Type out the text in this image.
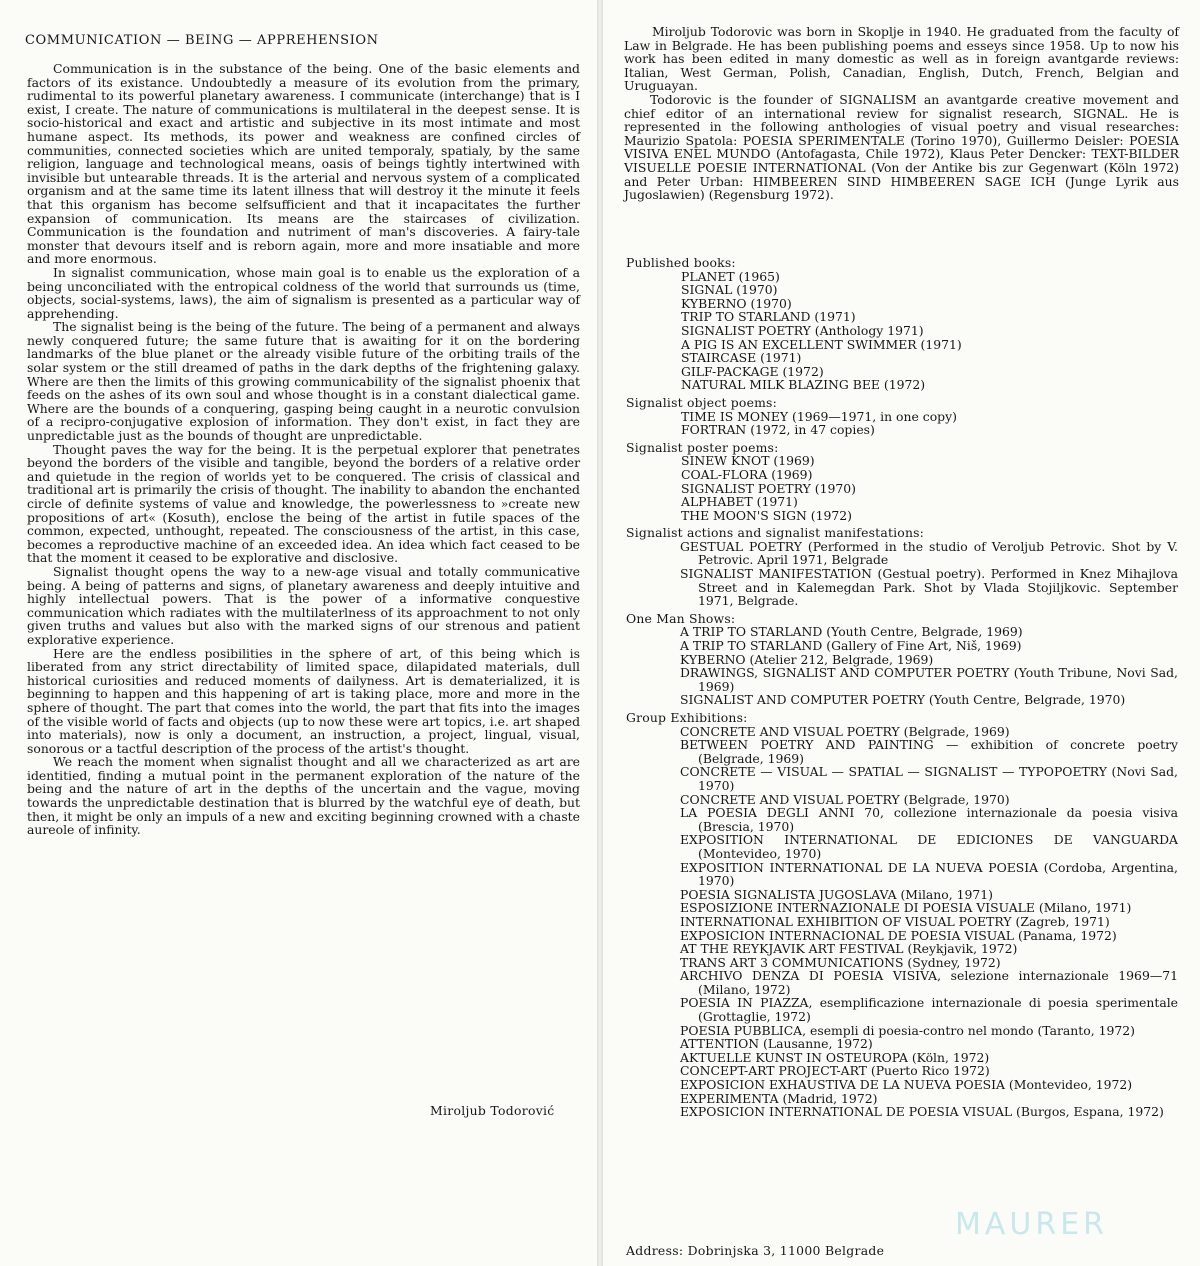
COMMUNICATION — BEING — APPREHENSION

Communication is in the substance of the being. One of the basic elements and factors of its existance. Undoubtedly a measure of its evolution from the primary, rudimental to its powerful planetary awareness. I communicate (interchange) that is I exist, I create. The nature of communications is multilateral in the deepest sense. It is socio-historical and exact and artistic and subjective in its most intimate and most humane aspect. Its methods, its power and weakness are confined circles of communities, connected societies which are united temporaly, spatialy, by the same religion, language and technological means, oasis of beings tightly intertwined with invisible but untearable threads. It is the arterial and nervous system of a complicated organism and at the same time its latent illness that will destroy it the minute it feels that this organism has become selfsufficient and that it incapacitates the further expansion of communication. Its means are the staircases of civilization. Communication is the foundation and nutriment of man's discoveries. A fairy-tale monster that devours itself and is reborn again, more and more insatiable and more and more enormous.

In signalist communication, whose main goal is to enable us the exploration of a being unconciliated with the entropical coldness of the world that surrounds us (time, objects, social-systems, laws), the aim of signalism is presented as a particular way of apprehending.

The signalist being is the being of the future. The being of a permanent and always newly conquered future; the same future that is awaiting for it on the bordering landmarks of the blue planet or the already visible future of the orbiting trails of the solar system or the still dreamed of paths in the dark depths of the frightening galaxy. Where are then the limits of this growing communicability of the signalist phoenix that feeds on the ashes of its own soul and whose thought is in a constant dialectical game. Where are the bounds of a conquering, gasping being caught in a neurotic convulsion of a recipro-conjugative explosion of information. They don't exist, in fact they are unpredictable just as the bounds of thought are unpredictable.

Thought paves the way for the being. It is the perpetual explorer that penetrates beyond the borders of the visible and tangible, beyond the borders of a relative order and quietude in the region of worlds yet to be conquered. The crisis of classical and traditional art is primarily the crisis of thought. The inability to abandon the enchanted circle of definite systems of value and knowledge, the powerlessness to »create new propositions of art« (Kosuth), enclose the being of the artist in futile spaces of the common, expected, unthought, repeated. The consciousness of the artist, in this case, becomes a reproductive machine of an exceeded idea. An idea which fact ceased to be that the moment it ceased to be explorative and disclosive.

Signalist thought opens the way to a new-age visual and totally communicative being. A being of patterns and signs, of planetary awareness and deeply intuitive and highly intellectual powers. That is the power of a informative conquestive communication which radiates with the multilaterlness of its approachment to not only given truths and values but also with the marked signs of our strenous and patient explorative experience.

Here are the endless posibilities in the sphere of art, of this being which is liberated from any strict directability of limited space, dilapidated materials, dull historical curiosities and reduced moments of dailyness. Art is dematerialized, it is beginning to happen and this happening of art is taking place, more and more in the sphere of thought. The part that comes into the world, the part that fits into the images of the visible world of facts and objects (up to now these were art topics, i.e. art shaped into materials), now is only a document, an instruction, a project, lingual, visual, sonorous or a tactful description of the process of the artist's thought.

We reach the moment when signalist thought and all we characterized as art are identitied, finding a mutual point in the permanent exploration of the nature of the being and the nature of art in the depths of the uncertain and the vague, moving towards the unpredictable destination that is blurred by the watchful eye of death, but then, it might be only an impuls of a new and exciting beginning crowned with a chaste aureole of infinity.

Miroljub Todorović

Miroljub Todorovic was born in Skoplje in 1940. He graduated from the faculty of Law in Belgrade. He has been publishing poems and esseys since 1958. Up to now his work has been edited in many domestic as well as in foreign avantgarde reviews: Italian, West German, Polish, Canadian, English, Dutch, French, Belgian and Uruguayan.

Todorovic is the founder of SIGNALISM an avantgarde creative movement and chief editor of an international review for signalist research, SIGNAL. He is represented in the following anthologies of visual poetry and visual researches: Maurizio Spatola: POESIA SPERIMENTALE (Torino 1970), Guillermo Deisler: POESIA VISIVA ENEL MUNDO (Antofagasta, Chile 1972), Klaus Peter Dencker: TEXT-BILDER VISUELLE POESIE INTERNATIONAL (Von der Antike bis zur Gegenwart (Köln 1972) and Peter Urban: HIMBEEREN SIND HIMBEEREN SAGE ICH (Junge Lyrik aus Jugoslawien) (Regensburg 1972).

Published books:
PLANET (1965)
SIGNAL (1970)
KYBERNO (1970)
TRIP TO STARLAND (1971)
SIGNALIST POETRY (Anthology 1971)
A PIG IS AN EXCELLENT SWIMMER (1971)
STAIRCASE (1971)
GILF-PACKAGE (1972)
NATURAL MILK BLAZING BEE (1972)
Signalist object poems:
TIME IS MONEY (1969—1971, in one copy)
FORTRAN (1972, in 47 copies)
Signalist poster poems:
SINEW KNOT (1969)
COAL-FLORA (1969)
SIGNALIST POETRY (1970)
ALPHABET (1971)
THE MOON'S SIGN (1972)
Signalist actions and signalist manifestations:
GESTUAL POETRY (Performed in the studio of Veroljub Petrovic. Shot by V. Petrovic. April 1971, Belgrade
SIGNALIST MANIFESTATION (Gestual poetry). Performed in Knez Mihajlova Street and in Kalemegdan Park. Shot by Vlada Stojiljkovic. September 1971, Belgrade.
One Man Shows:
A TRIP TO STARLAND (Youth Centre, Belgrade, 1969)
A TRIP TO STARLAND (Gallery of Fine Art, Niš, 1969)
KYBERNO (Atelier 212, Belgrade, 1969)
DRAWINGS, SIGNALIST AND COMPUTER POETRY (Youth Tribune, Novi Sad, 1969)
SIGNALIST AND COMPUTER POETRY (Youth Centre, Belgrade, 1970)
Group Exhibitions:
CONCRETE AND VISUAL POETRY (Belgrade, 1969)
BETWEEN POETRY AND PAINTING — exhibition of concrete poetry (Belgrade, 1969)
CONCRETE — VISUAL — SPATIAL — SIGNALIST — TYPOPOETRY (Novi Sad, 1970)
CONCRETE AND VISUAL POETRY (Belgrade, 1970)
LA POESIA DEGLI ANNI 70, collezione internazionale da poesia visiva (Brescia, 1970)
EXPOSITION INTERNATIONAL DE EDICIONES DE VANGUARDA (Montevideo, 1970)
EXPOSITION INTERNATIONAL DE LA NUEVA POESIA (Cordoba, Argentina, 1970)
POESIA SIGNALISTA JUGOSLAVA (Milano, 1971)
ESPOSIZIONE INTERNAZIONALE DI POESIA VISUALE (Milano, 1971)
INTERNATIONAL EXHIBITION OF VISUAL POETRY (Zagreb, 1971)
EXPOSICION INTERNACIONAL DE POESIA VISUAL (Panama, 1972)
AT THE REYKJAVIK ART FESTIVAL (Reykjavik, 1972)
TRANS ART 3 COMMUNICATIONS (Sydney, 1972)
ARCHIVO DENZA DI POESIA VISIVA, selezione internazionale 1969—71 (Milano, 1972)
POESIA IN PIAZZA, esemplificazione internazionale di poesia sperimentale (Grottaglie, 1972)
POESIA PUBBLICA, esempli di poesia-contro nel mondo (Taranto, 1972)
ATTENTION (Lausanne, 1972)
AKTUELLE KUNST IN OSTEUROPA (Köln, 1972)
CONCEPT-ART PROJECT-ART (Puerto Rico 1972)
EXPOSICION EXHAUSTIVA DE LA NUEVA POESIA (Montevideo, 1972)
EXPERIMENTA (Madrid, 1972)
EXPOSICION INTERNATIONAL DE POESIA VISUAL (Burgos, Espana, 1972)
Address: Dobrinjska 3, 11000 Belgrade
MAURER
